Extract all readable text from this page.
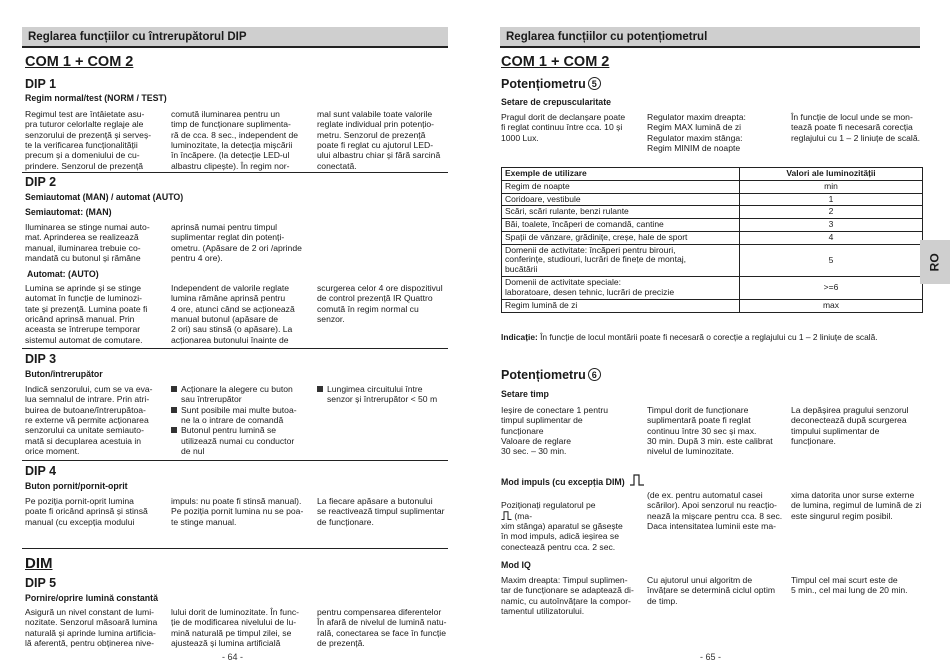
Reglarea funcțiilor cu întrerupătorul DIP
COM 1 + COM 2
DIP 1
Regim normal/test (NORM / TEST)
Regimul test are întâietate asu-
pra tuturor celorlalte reglaje ale
senzorului de prezență și serveș-
te la verificarea funcționalității
precum și a domeniului de cu-
prindere. Senzorul de prezență
comută iluminarea pentru un
timp de funcționare suplimenta-
ră de cca. 8 sec., independent de
luminozitate, la detecția mișcării
în încăpere. (la detecție LED-ul
albastru clipește). În regim nor-
mal sunt valabile toate valorile
reglate individual prin potențio-
metru. Senzorul de prezență
poate fi reglat cu ajutorul LED-
ului albastru chiar și fără sarcină
conectată.
DIP 2
Semiautomat (MAN) / automat (AUTO)
Semiautomat: (MAN)
Iluminarea se stinge numai auto-
mat. Aprinderea se realizează
manual, iluminarea trebuie co-
mandată cu butonul și rămâne
aprinsă numai pentru timpul
suplimentar reglat din potenți-
ometru. (Apăsare de 2 ori /aprinde
pentru 4 ore).
Automat: (AUTO)
Lumina se aprinde și se stinge
automat în funcție de luminozi-
tate și prezență. Lumina poate fi
oricând aprinsă manual. Prin
aceasta se întrerupe temporar
sistemul automat de comutare.
Independent de valorile reglate
lumina rămâne aprinsă pentru
4 ore, atunci când se acționează
manual butonul (apăsare de
2 ori) sau stinsă (o apăsare). La
acționarea butonului înainte de
scurgerea celor 4 ore dispozitivul
de control prezență IR Quattro
comută în regim normal cu
senzor.
DIP 3
Buton/întrerupător
Indică senzorului, cum se va eva-
lua semnalul de intrare. Prin atri-
buirea de butoane/întrerupătoa-
re externe vă permite acționarea
senzorului ca unitate semiauto-
mată si decuplarea acestuia in
orice moment.
Acționare la alegere cu buton
sau întrerupător
Sunt posibile mai multe butoa-
ne la o intrare de comandă
Butonul pentru lumină se
utilizează numai cu conductor
de nul
Lungimea circuitului între
senzor și întrerupător < 50 m
DIP 4
Buton pornit/pornit-oprit
Pe poziția pornit-oprit lumina
poate fi oricând aprinsă și stinsă
manual (cu excepția modului
impuls: nu poate fi stinsă manual).
Pe poziția pornit lumina nu se poa-
te stinge manual.
La fiecare apăsare a butonului
se reactivează timpul suplimentar
de funcționare.
DIM
DIP 5
Pornire/oprire lumină constantă
Asigură un nivel constant de lumi-
nozitate. Senzorul măsoară lumina
naturală și aprinde lumina artificia-
lă aferentă, pentru obținerea nive-
lului dorit de luminozitate. În func-
ție de modificarea nivelului de lu-
mină naturală pe timpul zilei, se
ajustează și lumina artificială
pentru compensarea diferentelor
În afară de nivelul de lumină natu-
rală, conectarea se face în funcție
de prezență.
- 64 -
Reglarea funcțiilor cu potențiometrul
COM 1 + COM 2
Potențiometru 5
Setare de crepuscularitate
Pragul dorit de declanșare poate
fi reglat continuu între cca. 10 și
1000 Lux.
Regulator maxim dreapta:
Regim MAX lumină de zi
Regulator maxim stânga:
Regim MINIM de noapte
În funcție de locul unde se mon-
tează poate fi necesară corecția
reglajului cu 1 – 2 liniuțe de scală.
Exemple de utilizare	Valori ale luminozității
Regim de noapte	min
Coridoare, vestibule	1
Scări, scări rulante, benzi rulante	2
Băi, toalete, încăperi de comandă, cantine	3
Spații de vânzare, grădinițe, creșe, hale de sport	4
Domenii de activitate: încăperi pentru birouri,
conferințe, studiouri, lucrări de finețe de montaj,
bucătării	5
Domenii de activitate speciale:
laboratoare, desen tehnic, lucrări de precizie	>=6
Regim lumină de zi	max
Indicație: În funcție de locul montării poate fi necesară o corecție a reglajului cu 1 – 2 liniuțe de scală.
Potențiometru 6
Setare timp
Ieșire de conectare 1 pentru
timpul suplimentar de
funcționare
Valoare de reglare
30 sec. – 30 min.
Timpul dorit de funcționare
suplimentară poate fi reglat
continuu între 30 sec și max.
30 min. După 3 min. este calibrat
nivelul de luminozitate.
La depășirea pragului senzorul
deconectează după scurgerea
timpului suplimentar de
funcționare.
Mod impuls (cu excepția DIM)

Poziționați regulatorul pe
(ma-
xim stânga) aparatul se găsește
în mod impuls, adică ieșirea se
conectează pentru cca. 2 sec.

(de ex. pentru automatul casei
scărilor). Apoi senzorul nu reacțio-
nează la mișcare pentru cca. 8 sec.
Daca intensitatea luminii este ma-
xima datorita unor surse externe
de lumina, regimul de lumină de zi
este singurul regim posibil.
Mod IQ
Maxim dreapta: Timpul suplimen-
tar de funcționare se adaptează di-
namic, cu autoînvățare la compor-
tamentul utilizatorului.
Cu ajutorul unui algoritm de
învățare se determină ciclul optim
de timp.
Timpul cel mai scurt este de
5 min., cel mai lung de 20 min.
RO
- 65 -
